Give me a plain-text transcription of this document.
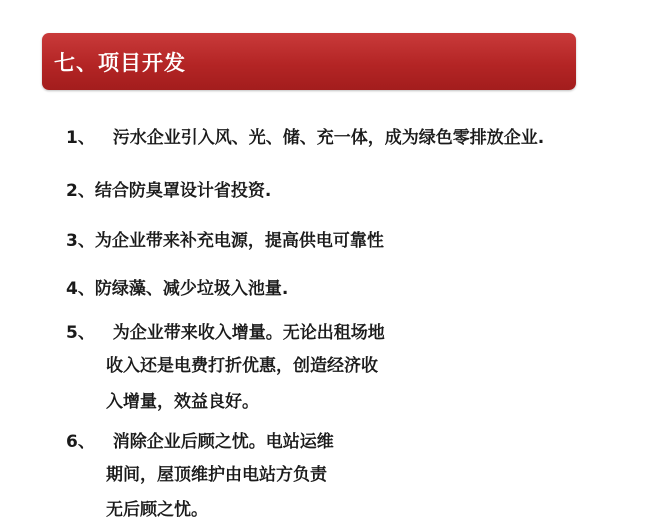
七、项目开发
1、 污水企业引入风、光、储、充一体，成为绿色零排放企业.
2、结合防臭罩设计省投资.
3、为企业带来补充电源，提高供电可靠性
4、防绿藻、减少垃圾入池量.
5、 为企业带来收入增量。无论出租场地
收入还是电费打折优惠，创造经济收
入增量，效益良好。
6、 消除企业后顾之忧。电站运维
期间，屋顶维护由电站方负责
无后顾之忧。
